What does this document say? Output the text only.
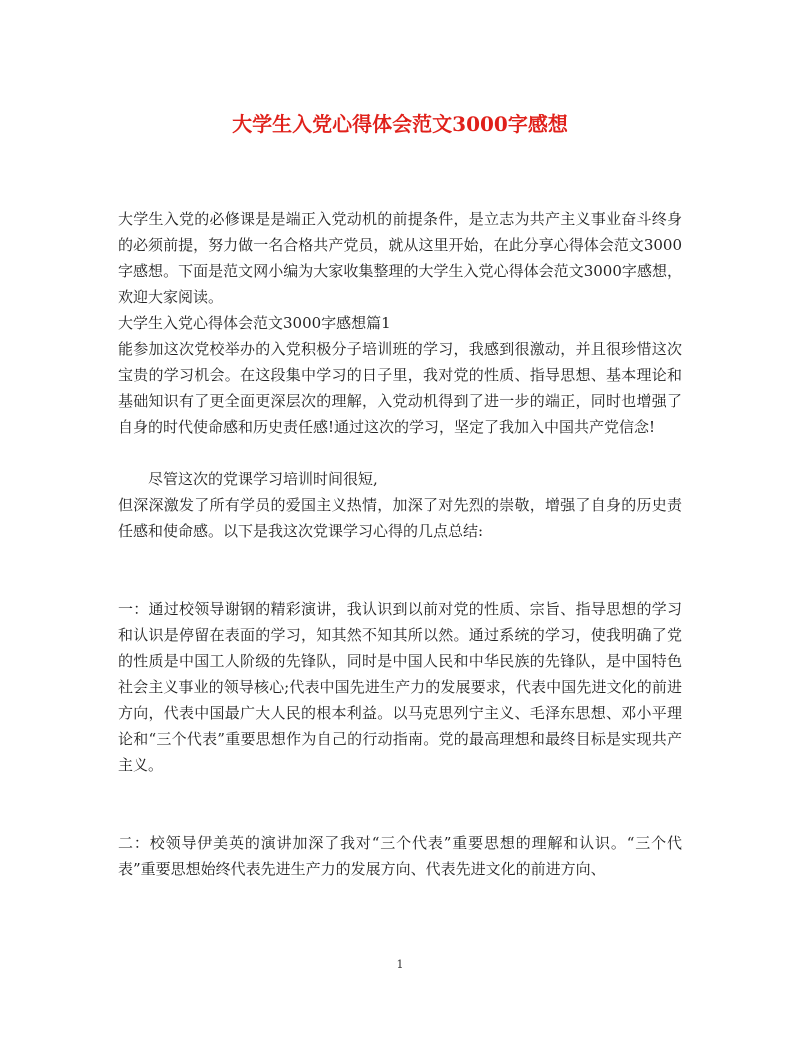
大学生入党心得体会范文3000字感想

大学生入党的必修课是是端正入党动机的前提条件，是立志为共产主义事业奋斗终身的必须前提，努力做一名合格共产党员，就从这里开始，在此分享心得体会范文3000字感想。下面是范文网小编为大家收集整理的大学生入党心得体会范文3000字感想，欢迎大家阅读。

大学生入党心得体会范文3000字感想篇1

能参加这次党校举办的入党积极分子培训班的学习，我感到很激动，并且很珍惜这次宝贵的学习机会。在这段集中学习的日子里，我对党的性质、指导思想、基本理论和基础知识有了更全面更深层次的理解，入党动机得到了进一步的端正，同时也增强了自身的时代使命感和历史责任感!通过这次的学习，坚定了我加入中国共产党信念!

尽管这次的党课学习培训时间很短,

但深深激发了所有学员的爱国主义热情，加深了对先烈的崇敬，增强了自身的历史责任感和使命感。以下是我这次党课学习心得的几点总结:

一：通过校领导谢钢的精彩演讲，我认识到以前对党的性质、宗旨、指导思想的学习和认识是停留在表面的学习，知其然不知其所以然。通过系统的学习，使我明确了党的性质是中国工人阶级的先锋队，同时是中国人民和中华民族的先锋队，是中国特色社会主义事业的领导核心;代表中国先进生产力的发展要求，代表中国先进文化的前进方向，代表中国最广大人民的根本利益。以马克思列宁主义、毛泽东思想、邓小平理论和“三个代表”重要思想作为自己的行动指南。党的最高理想和最终目标是实现共产主义。

二：校领导伊美英的演讲加深了我对“三个代表”重要思想的理解和认识。“三个代表”重要思想始终代表先进生产力的发展方向、代表先进文化的前进方向、

1
